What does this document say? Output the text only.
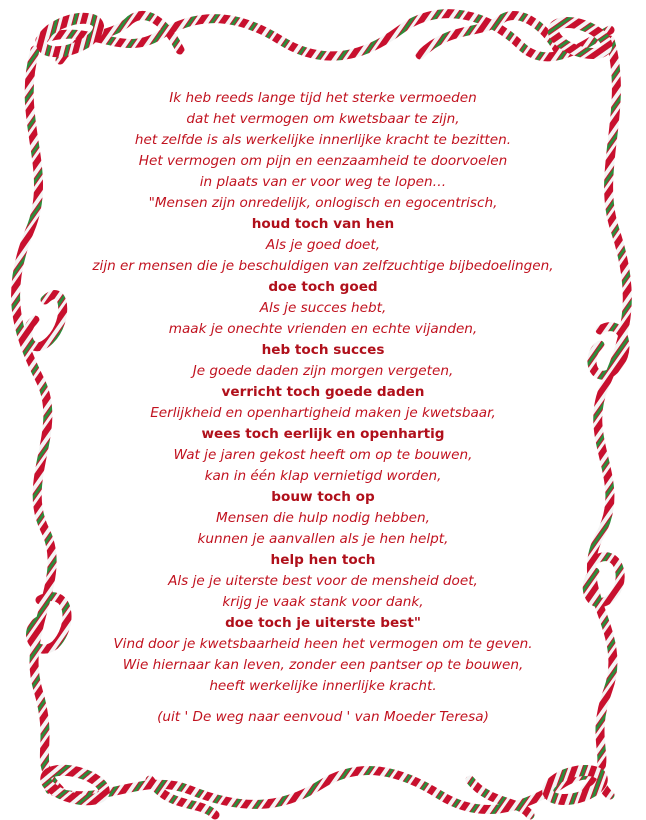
Ik heb reeds lange tijd het sterke vermoeden
dat het vermogen om kwetsbaar te zijn,
het zelfde is als werkelijke innerlijke kracht te bezitten.
Het vermogen om pijn en eenzaamheid te doorvoelen
in plaats van er voor weg te lopen…
"Mensen zijn onredelijk, onlogisch en egocentrisch,
houd toch van hen
Als je goed doet,
zijn er mensen die je beschuldigen van zelfzuchtige bijbedoelingen,
doe toch goed
Als je succes hebt,
maak je onechte vrienden en echte vijanden,
heb toch succes
Je goede daden zijn morgen vergeten,
verricht toch goede daden
Eerlijkheid en openhartigheid maken je kwetsbaar,
wees toch eerlijk en openhartig
Wat je jaren gekost heeft om op te bouwen,
kan in één klap vernietigd worden,
bouw toch op
Mensen die hulp nodig hebben,
kunnen je aanvallen als je hen helpt,
help hen toch
Als je je uiterste best voor de mensheid doet,
krijg je vaak stank voor dank,
doe toch je uiterste best"
Vind door je kwetsbaarheid heen het vermogen om te geven.
Wie hiernaar kan leven, zonder een pantser op te bouwen,
heeft werkelijke innerlijke kracht.
(uit ' De weg naar eenvoud ' van Moeder Teresa)
